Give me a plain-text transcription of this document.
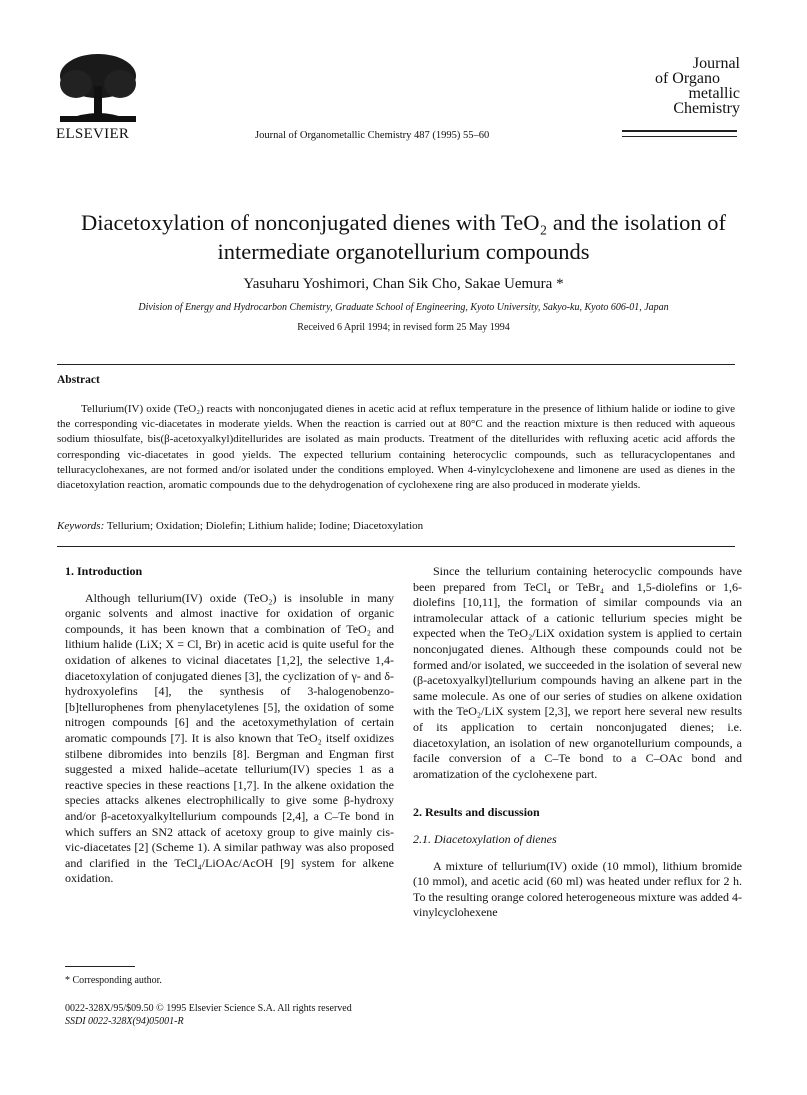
ELSEVIER	Journal of Organometallic Chemistry 487 (1995) 55–60
Journal
of Organo
metallic
Chemistry
Diacetoxylation of nonconjugated dienes with TeO₂ and the isolation of intermediate organotellurium compounds
Yasuharu Yoshimori, Chan Sik Cho, Sakae Uemura *
Division of Energy and Hydrocarbon Chemistry, Graduate School of Engineering, Kyoto University, Sakyo-ku, Kyoto 606-01, Japan
Received 6 April 1994; in revised form 25 May 1994
Abstract
Tellurium(IV) oxide (TeO₂) reacts with nonconjugated dienes in acetic acid at reflux temperature in the presence of lithium halide or iodine to give the corresponding vic-diacetates in moderate yields. When the reaction is carried out at 80°C and the reaction mixture is then reduced with aqueous sodium thiosulfate, bis(β-acetoxyalkyl)ditellurides are isolated as main products. Treatment of the ditellurides with refluxing acetic acid affords the corresponding vic-diacetates in good yields. The expected tellurium containing heterocyclic compounds, such as telluracyclopentanes and telluracyclohexanes, are not formed and/or isolated under the conditions employed. When 4-vinylcyclohexene and limonene are used as dienes in the diacetoxylation reaction, aromatic compounds due to the dehydrogenation of cyclohexene ring are also produced in moderate yields.
Keywords: Tellurium; Oxidation; Diolefin; Lithium halide; Iodine; Diacetoxylation
1. Introduction

Although tellurium(IV) oxide (TeO₂) is insoluble in many organic solvents and almost inactive for oxidation of organic compounds, it has been known that a combination of TeO₂ and lithium halide (LiX; X = Cl, Br) in acetic acid is quite useful for the oxidation of alkenes to vicinal diacetates [1,2], the selective 1,4-diacetoxylation of conjugated dienes [3], the cyclization of γ- and δ-hydroxyolefins [4], the synthesis of 3-halogenobenzo-[b]tellurophenes from phenylacetylenes [5], the oxidation of some nitrogen compounds [6] and the acetoxymethylation of certain aromatic compounds [7]. It is also known that TeO₂ itself oxidizes stilbene dibromides into benzils [8]. Bergman and Engman first suggested a mixed halide–acetate tellurium(IV) species 1 as a reactive species in these reactions [1,7]. In the alkene oxidation the species attacks alkenes electrophilically to give some β-hydroxy and/or β-acetoxyalkyltellurium compounds [2,4], a C–Te bond in which suffers an SN2 attack of acetoxy group to give mainly cis-vic-diacetates [2] (Scheme 1). A similar pathway was also proposed and clarified in the TeCl₄/LiOAc/AcOH [9] system for alkene oxidation.

* Corresponding author.
0022-328X/95/$09.50 © 1995 Elsevier Science S.A. All rights reserved
SSDI 0022-328X(94)05001-R

Since the tellurium containing heterocyclic compounds have been prepared from TeCl₄ or TeBr₄ and 1,5-diolefins or 1,6-diolefins [10,11], the formation of similar compounds via an intramolecular attack of a cationic tellurium species might be expected when the TeO₂/LiX oxidation system is applied to certain nonconjugated dienes. Although these compounds could not be formed and/or isolated, we succeeded in the isolation of several new (β-acetoxyalkyl)tellurium compounds having an alkene part in the same molecule. As one of our series of studies on alkene oxidation with the TeO₂/LiX system [2,3], we report here several new results of its application to certain nonconjugated dienes; i.e. diacetoxylation, an isolation of new organotellurium compounds, a facile conversion of a C–Te bond to a C–OAc bond and aromatization of the cyclohexene part.

2. Results and discussion
2.1. Diacetoxylation of dienes

A mixture of tellurium(IV) oxide (10 mmol), lithium bromide (10 mmol), and acetic acid (60 ml) was heated under reflux for 2 h. To the resulting orange colored heterogeneous mixture was added 4-vinylcyclohexene
